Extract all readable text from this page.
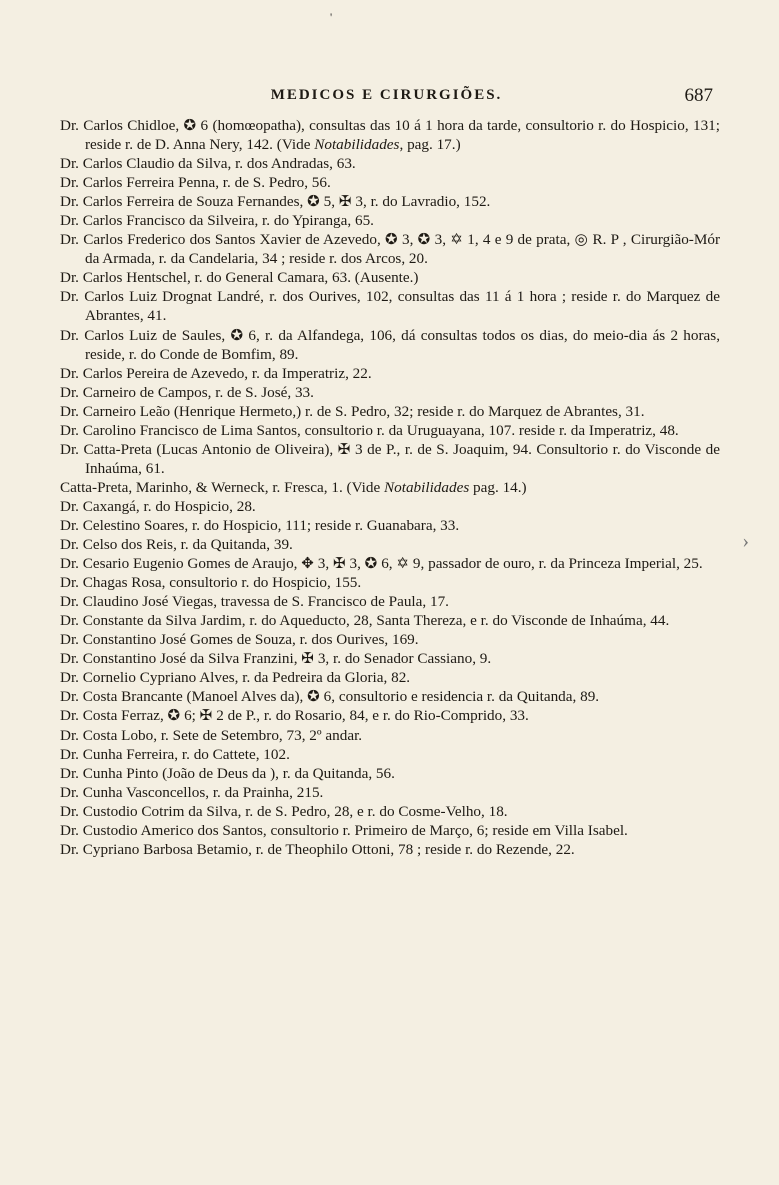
'
MEDICOS E CIRURGIÕES.	687
Dr. Carlos Chidloe, ✪ 6 (homœopatha), consultas das 10 á 1 hora da tarde, consultorio r. do Hospicio, 131; reside r. de D. Anna Nery, 142. (Vide Notabilidades, pag. 17.)
Dr. Carlos Claudio da Silva, r. dos Andradas, 63.
Dr. Carlos Ferreira Penna, r. de S. Pedro, 56.
Dr. Carlos Ferreira de Souza Fernandes, ✪ 5, ✠ 3, r. do Lavradio, 152.
Dr. Carlos Francisco da Silveira, r. do Ypiranga, 65.
Dr. Carlos Frederico dos Santos Xavier de Azevedo, ✪ 3, ✪ 3, ✡ 1, 4 e 9 de prata, ◎ R. P , Cirurgião-Mór da Armada, r. da Candelaria, 34 ; reside r. dos Arcos, 20.
Dr. Carlos Hentschel, r. do General Camara, 63. (Ausente.)
Dr. Carlos Luiz Drognat Landré, r. dos Ourives, 102, consultas das 11 á 1 hora ; reside r. do Marquez de Abrantes, 41.
Dr. Carlos Luiz de Saules, ✪ 6, r. da Alfandega, 106, dá consultas todos os dias, do meio-dia ás 2 horas, reside, r. do Conde de Bomfim, 89.
Dr. Carlos Pereira de Azevedo, r. da Imperatriz, 22.
Dr. Carneiro de Campos, r. de S. José, 33.
Dr. Carneiro Leão (Henrique Hermeto,) r. de S. Pedro, 32; reside r. do Marquez de Abrantes, 31.
Dr. Carolino Francisco de Lima Santos, consultorio r. da Uruguayana, 107. reside r. da Imperatriz, 48.
Dr. Catta-Preta (Lucas Antonio de Oliveira), ✠ 3 de P., r. de S. Joaquim, 94. Consultorio r. do Visconde de Inhaúma, 61.
Catta-Preta, Marinho, & Werneck, r. Fresca, 1. (Vide Notabilidades pag. 14.)
Dr. Caxangá, r. do Hospicio, 28.
Dr. Celestino Soares, r. do Hospicio, 111; reside r. Guanabara, 33.
Dr. Celso dos Reis, r. da Quitanda, 39.
Dr. Cesario Eugenio Gomes de Araujo, ✥ 3, ✠ 3, ✪ 6, ✡ 9, passador de ouro, r. da Princeza Imperial, 25.
Dr. Chagas Rosa, consultorio r. do Hospicio, 155.
Dr. Claudino José Viegas, travessa de S. Francisco de Paula, 17.
Dr. Constante da Silva Jardim, r. do Aqueducto, 28, Santa Thereza, e r. do Visconde de Inhaúma, 44.
Dr. Constantino José Gomes de Souza, r. dos Ourives, 169.
Dr. Constantino José da Silva Franzini, ✠ 3, r. do Senador Cassiano, 9.
Dr. Cornelio Cypriano Alves, r. da Pedreira da Gloria, 82.
Dr. Costa Brancante (Manoel Alves da), ✪ 6, consultorio e residencia r. da Quitanda, 89.
Dr. Costa Ferraz, ✪ 6; ✠ 2 de P., r. do Rosario, 84, e r. do Rio-Comprido, 33.
Dr. Costa Lobo, r. Sete de Setembro, 73, 2º andar.
Dr. Cunha Ferreira, r. do Cattete, 102.
Dr. Cunha Pinto (João de Deus da ), r. da Quitanda, 56.
Dr. Cunha Vasconcellos, r. da Prainha, 215.
Dr. Custodio Cotrim da Silva, r. de S. Pedro, 28, e r. do Cosme-Velho, 18.
Dr. Custodio Americo dos Santos, consultorio r. Primeiro de Março, 6; reside em Villa Isabel.
Dr. Cypriano Barbosa Betamio, r. de Theophilo Ottoni, 78 ; reside r. do Rezende, 22.
›
